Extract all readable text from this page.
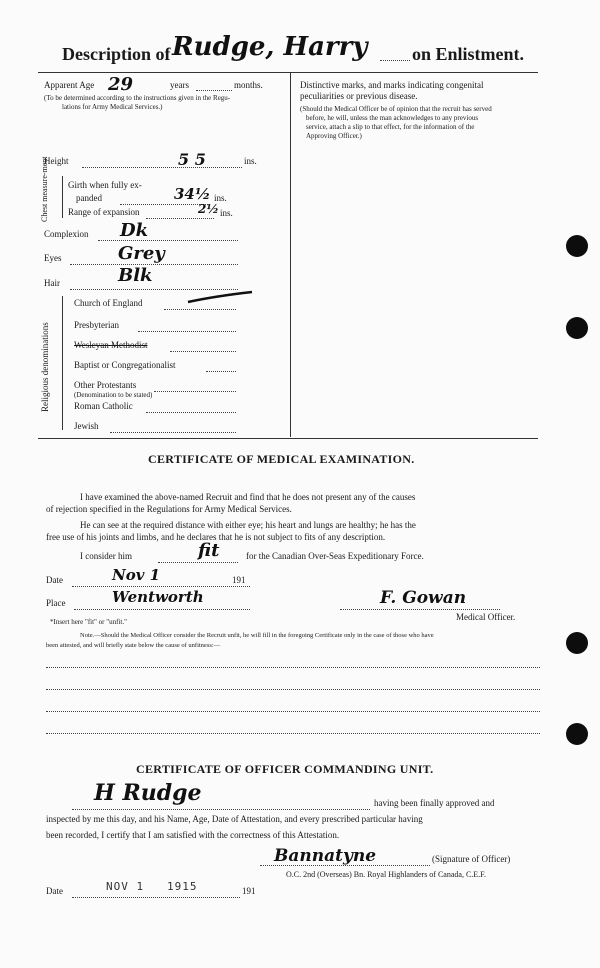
Description of Rudge, Harry on Enlistment.
Apparent Age 29	years	months.
(To be determined according to the instructions given in the Regu-
lations for Army Medical Services.)
Height	5 5	ins.
Chest measure-ment Girth when fully ex-
panded	34½ ins.
Range of expansion	2½ ins.
Complexion Dk
Eyes	Grey
Hair	Blk
Religious denominations
Church of England
Presbyterian
Wesleyan Methodist
Baptist or Congregationalist
Other Protestants
(Denomination to be stated)
Roman Catholic
Jewish
Distinctive marks, and marks indicating congenital
peculiarities or previous disease.
(Should the Medical Officer be of opinion that the recruit has served
before, he will, unless the man acknowledges to any previous
service, attach a slip to that effect, for the information of the
Approving Officer.)
CERTIFICATE OF MEDICAL EXAMINATION.
I have examined the above-named Recruit and find that he does not present any of the causes
of rejection specified in the Regulations for Army Medical Services.
He can see at the required distance with either eye; his heart and lungs are healthy; he has the
free use of his joints and limbs, and he declares that he is not subject to fits of any description.
I consider him	fit	for the Canadian Over-Seas Expeditionary Force.
Date	Nov 1	191
Place	Wentworth	F. Gowan
Medical Officer.
*Insert here "fit" or "unfit."
Note.—Should the Medical Officer consider the Recruit unfit, he will fill in the foregoing Certificate only in the case of those who have
been attested, and will briefly state below the cause of unfitness:—
CERTIFICATE OF OFFICER COMMANDING UNIT.
H Rudge	having been finally approved and
inspected by me this day, and his Name, Age, Date of Attestation, and every prescribed particular having
been recorded, I certify that I am satisfied with the correctness of this Attestation.
Bannatyne	(Signature of Officer)
O.C. 2nd (Overseas) Bn. Royal Highlanders of Canada, C.E.F.
Date	NOV 1   1915	191
